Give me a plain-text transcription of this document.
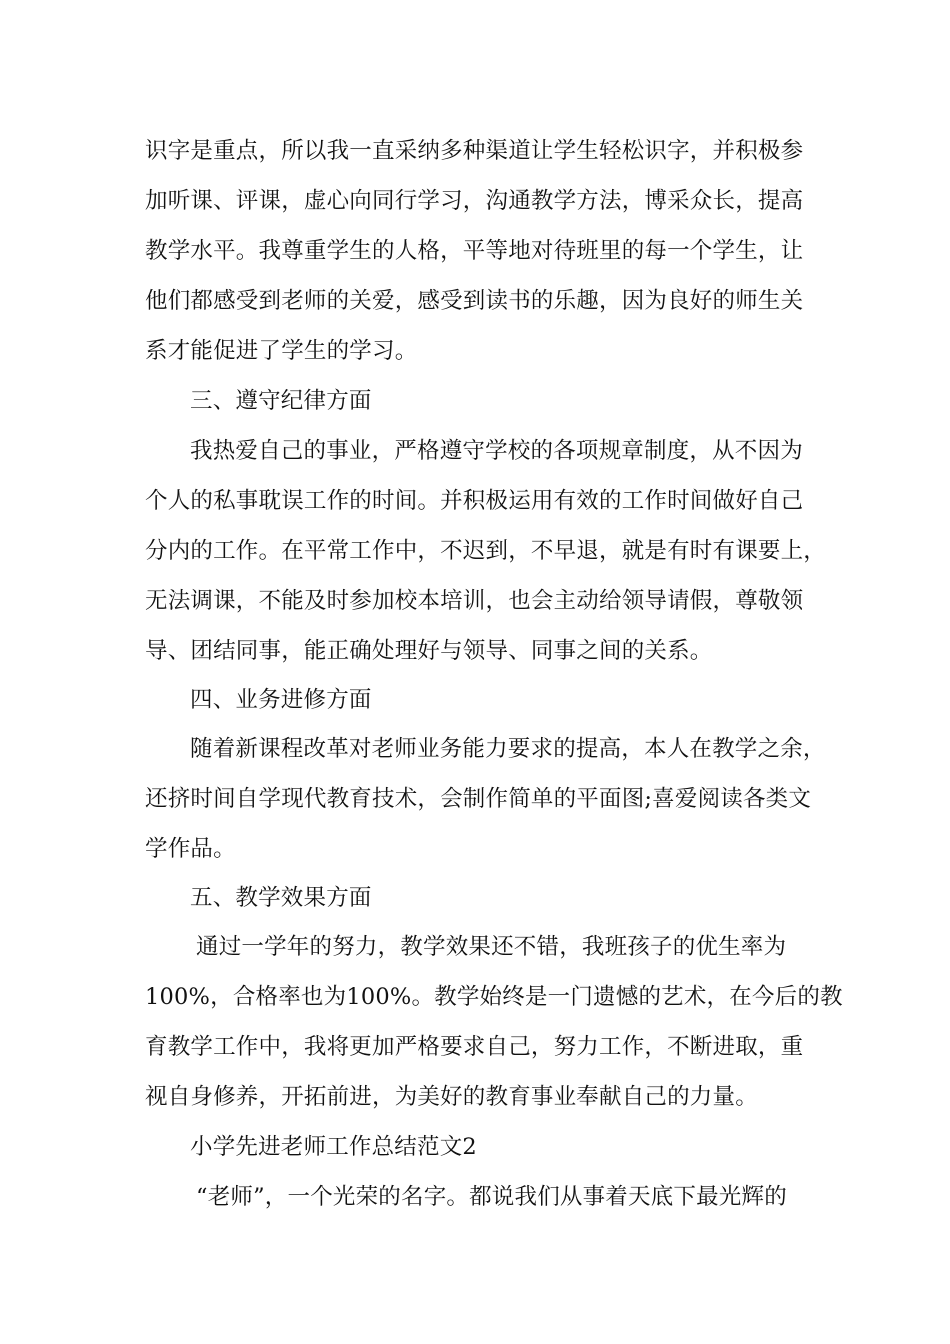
识字是重点，所以我一直采纳多种渠道让学生轻松识字，并积极参
加听课、评课，虚心向同行学习，沟通教学方法，博采众长，提高
教学水平。我尊重学生的人格，平等地对待班里的每一个学生，让
他们都感受到老师的关爱，感受到读书的乐趣，因为良好的师生关
系才能促进了学生的学习。
三、遵守纪律方面
我热爱自己的事业，严格遵守学校的各项规章制度，从不因为
个人的私事耽误工作的时间。并积极运用有效的工作时间做好自己
分内的工作。在平常工作中，不迟到，不早退，就是有时有课要上，
无法调课，不能及时参加校本培训，也会主动给领导请假，尊敬领
导、团结同事，能正确处理好与领导、同事之间的关系。
四、业务进修方面
随着新课程改革对老师业务能力要求的提高，本人在教学之余，
还挤时间自学现代教育技术，会制作简单的平面图;喜爱阅读各类文
学作品。
五、教学效果方面
通过一学年的努力，教学效果还不错，我班孩子的优生率为
100%，合格率也为100%。教学始终是一门遗憾的艺术，在今后的教
育教学工作中，我将更加严格要求自己，努力工作，不断进取，重
视自身修养，开拓前进，为美好的教育事业奉献自己的力量。
小学先进老师工作总结范文2
“老师”，一个光荣的名字。都说我们从事着天底下最光辉的
